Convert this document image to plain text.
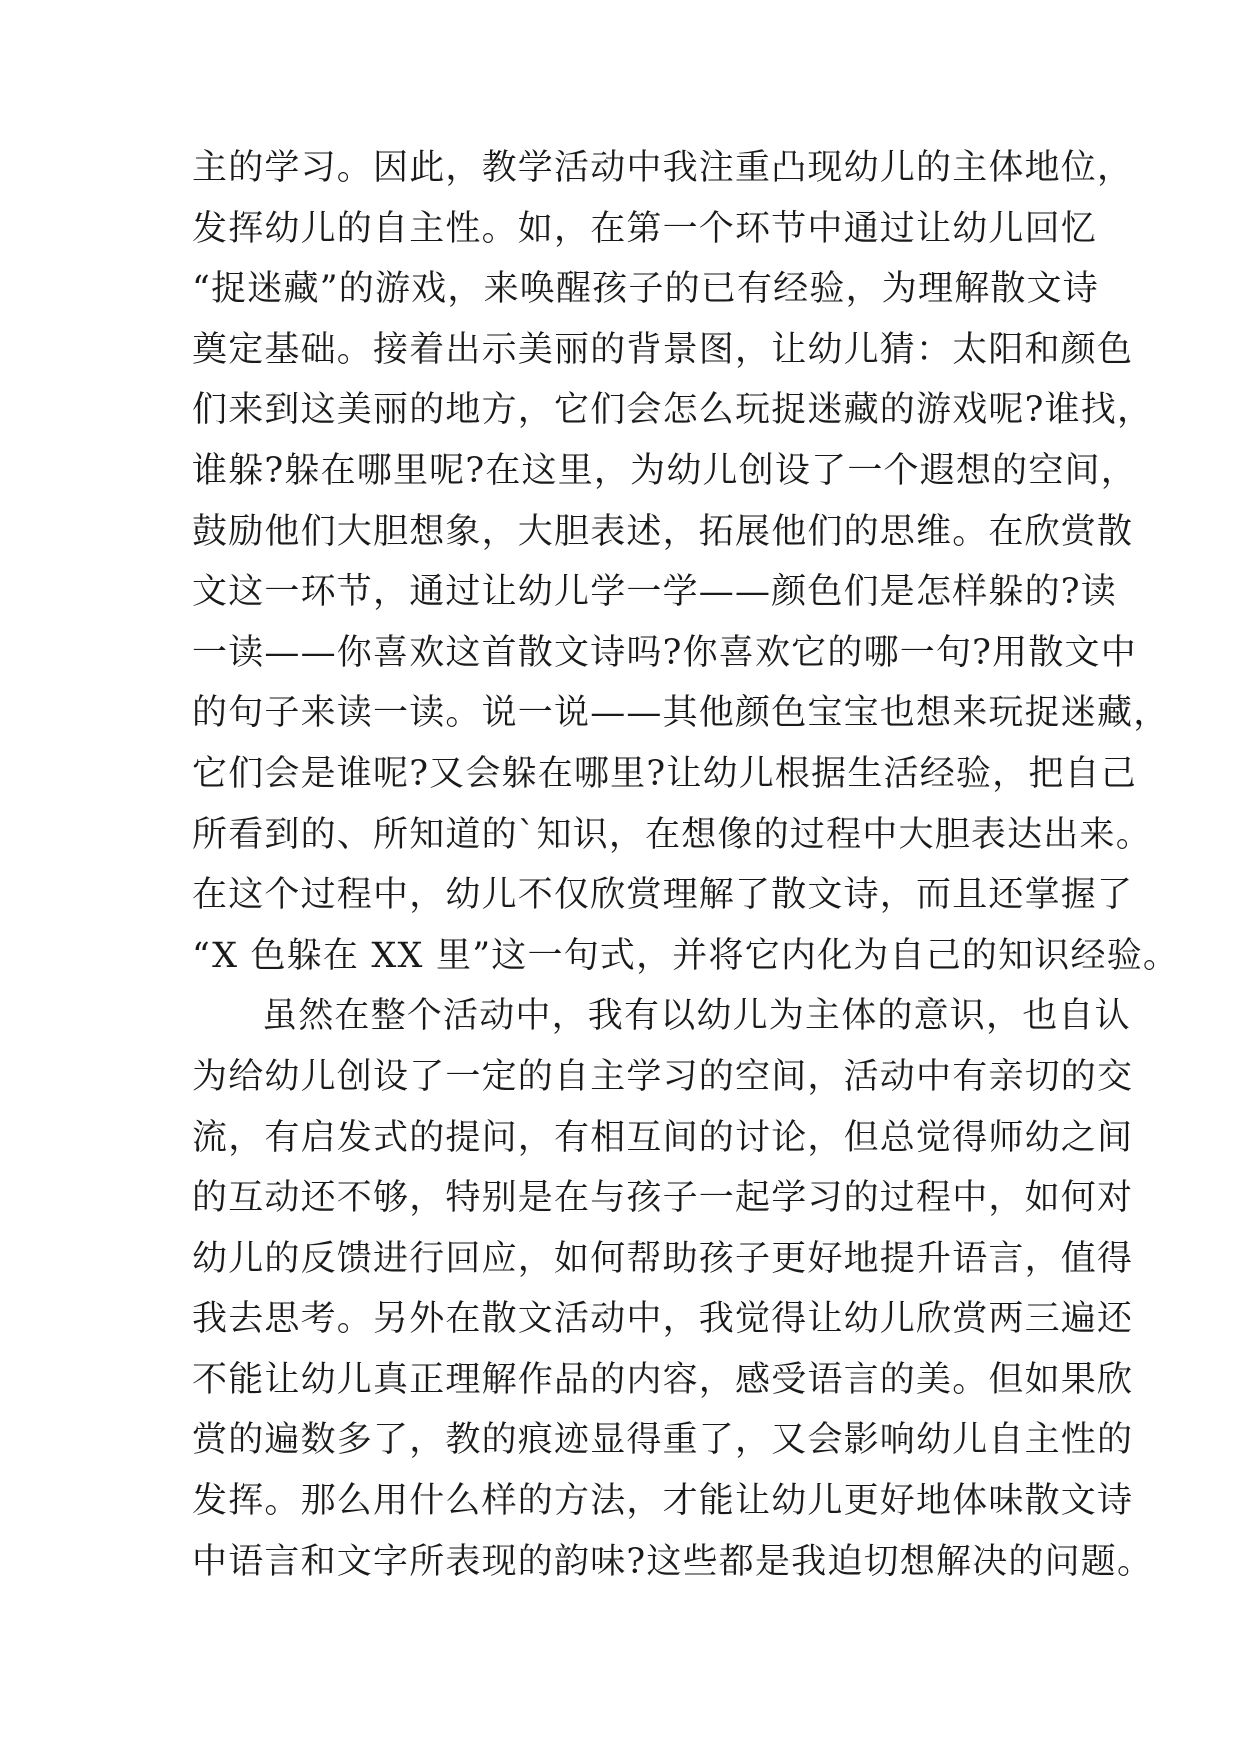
主的学习。因此，教学活动中我注重凸现幼儿的主体地位，
发挥幼儿的自主性。如，在第一个环节中通过让幼儿回忆
“捉迷藏”的游戏，来唤醒孩子的已有经验，为理解散文诗
奠定基础。接着出示美丽的背景图，让幼儿猜：太阳和颜色
们来到这美丽的地方，它们会怎么玩捉迷藏的游戏呢?谁找，
谁躲?躲在哪里呢?在这里，为幼儿创设了一个遐想的空间，
鼓励他们大胆想象，大胆表述，拓展他们的思维。在欣赏散
文这一环节，通过让幼儿学一学——颜色们是怎样躲的?读
一读——你喜欢这首散文诗吗?你喜欢它的哪一句?用散文中
的句子来读一读。说一说——其他颜色宝宝也想来玩捉迷藏，
它们会是谁呢?又会躲在哪里?让幼儿根据生活经验，把自己
所看到的、所知道的`知识，在想像的过程中大胆表达出来。
在这个过程中，幼儿不仅欣赏理解了散文诗，而且还掌握了
“X 色躲在 XX 里”这一句式，并将它内化为自己的知识经验。
虽然在整个活动中，我有以幼儿为主体的意识，也自认
为给幼儿创设了一定的自主学习的空间，活动中有亲切的交
流，有启发式的提问，有相互间的讨论，但总觉得师幼之间
的互动还不够，特别是在与孩子一起学习的过程中，如何对
幼儿的反馈进行回应，如何帮助孩子更好地提升语言，值得
我去思考。另外在散文活动中，我觉得让幼儿欣赏两三遍还
不能让幼儿真正理解作品的内容，感受语言的美。但如果欣
赏的遍数多了，教的痕迹显得重了，又会影响幼儿自主性的
发挥。那么用什么样的方法，才能让幼儿更好地体味散文诗
中语言和文字所表现的韵味?这些都是我迫切想解决的问题。
